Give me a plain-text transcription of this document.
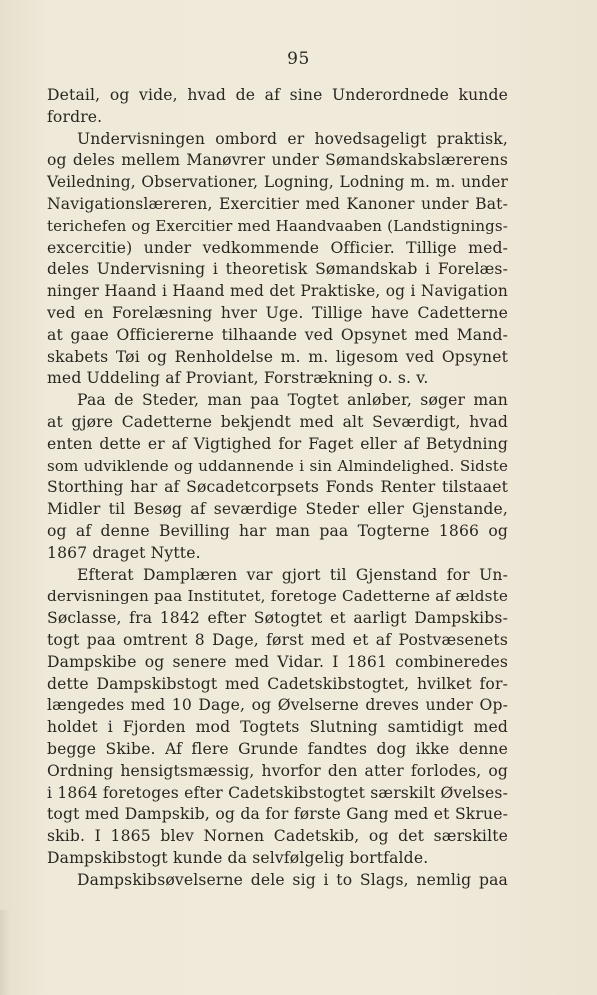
95
Detail, og vide, hvad de af sine Underordnede kunde
fordre.
Undervisningen ombord er hovedsageligt praktisk,
og deles mellem Manøvrer under Sømandskabslærerens
Veiledning, Observationer, Logning, Lodning m. m. under
Navigationslæreren, Exercitier med Kanoner under Bat-
terichefen og Exercitier med Haandvaaben (Landstignings-
excercitie) under vedkommende Officier. Tillige med-
deles Undervisning i theoretisk Sømandskab i Forelæs-
ninger Haand i Haand med det Praktiske, og i Navigation
ved en Forelæsning hver Uge. Tillige have Cadetterne
at gaae Officiererne tilhaande ved Opsynet med Mand-
skabets Tøi og Renholdelse m. m. ligesom ved Opsynet
med Uddeling af Proviant, Forstrækning o. s. v.
Paa de Steder, man paa Togtet anløber, søger man
at gjøre Cadetterne bekjendt med alt Seværdigt, hvad
enten dette er af Vigtighed for Faget eller af Betydning
som udviklende og uddannende i sin Almindelighed. Sidste
Storthing har af Søcadetcorpsets Fonds Renter tilstaaet
Midler til Besøg af seværdige Steder eller Gjenstande,
og af denne Bevilling har man paa Togterne 1866 og
1867 draget Nytte.
Efterat Damplæren var gjort til Gjenstand for Un-
dervisningen paa Institutet, foretoge Cadetterne af ældste
Søclasse, fra 1842 efter Søtogtet et aarligt Dampskibs-
togt paa omtrent 8 Dage, først med et af Postvæsenets
Dampskibe og senere med Vidar. I 1861 combineredes
dette Dampskibstogt med Cadetskibstogtet, hvilket for-
længedes med 10 Dage, og Øvelserne dreves under Op-
holdet i Fjorden mod Togtets Slutning samtidigt med
begge Skibe. Af flere Grunde fandtes dog ikke denne
Ordning hensigtsmæssig, hvorfor den atter forlodes, og
i 1864 foretoges efter Cadetskibstogtet særskilt Øvelses-
togt med Dampskib, og da for første Gang med et Skrue-
skib. I 1865 blev Nornen Cadetskib, og det særskilte
Dampskibstogt kunde da selvfølgelig bortfalde.
Dampskibsøvelserne dele sig i to Slags, nemlig paa
